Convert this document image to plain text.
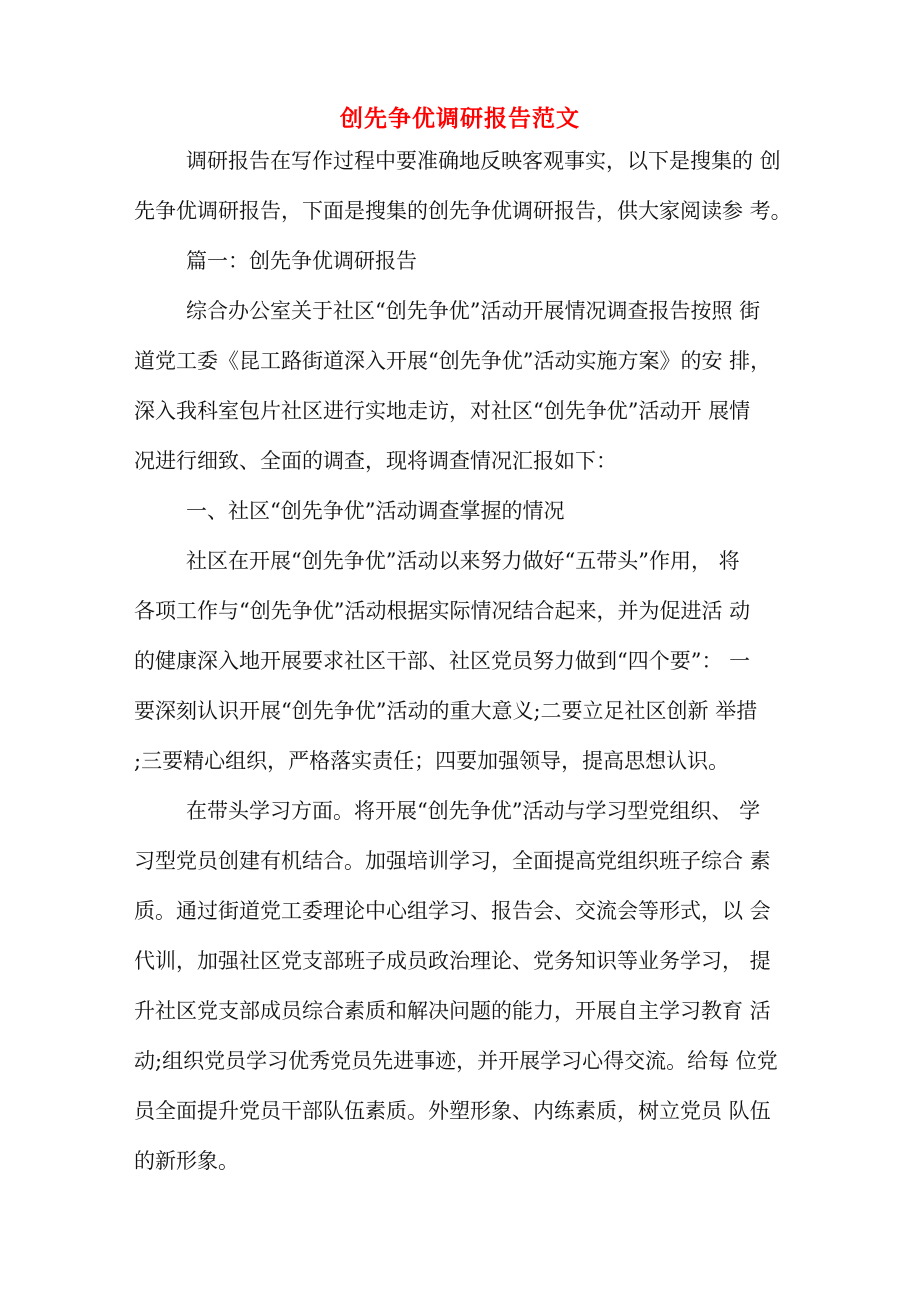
创先争优调研报告范文
调研报告在写作过程中要准确地反映客观事实，以下是搜集的 创
先争优调研报告，下面是搜集的创先争优调研报告，供大家阅读参 考。
篇一：创先争优调研报告
综合办公室关于社区“创先争优”活动开展情况调查报告按照 街
道党工委《昆工路街道深入开展“创先争优”活动实施方案》的安 排，
深入我科室包片社区进行实地走访，对社区“创先争优”活动开 展情
况进行细致、全面的调查，现将调查情况汇报如下：
一、社区“创先争优”活动调查掌握的情况
社区在开展“创先争优”活动以来努力做好“五带头”作用， 将
各项工作与“创先争优”活动根据实际情况结合起来，并为促进活 动
的健康深入地开展要求社区干部、社区党员努力做到“四个要”： 一
要深刻认识开展“创先争优”活动的重大意义;二要立足社区创新 举措
;三要精心组织，严格落实责任；四要加强领导，提高思想认识。
在带头学习方面。将开展“创先争优”活动与学习型党组织、 学
习型党员创建有机结合。加强培训学习，全面提高党组织班子综合 素
质。通过街道党工委理论中心组学习、报告会、交流会等形式，以 会
代训，加强社区党支部班子成员政治理论、党务知识等业务学习， 提
升社区党支部成员综合素质和解决问题的能力，开展自主学习教育 活
动;组织党员学习优秀党员先进事迹，并开展学习心得交流。给每 位党
员全面提升党员干部队伍素质。外塑形象、内练素质，树立党员 队伍
的新形象。
